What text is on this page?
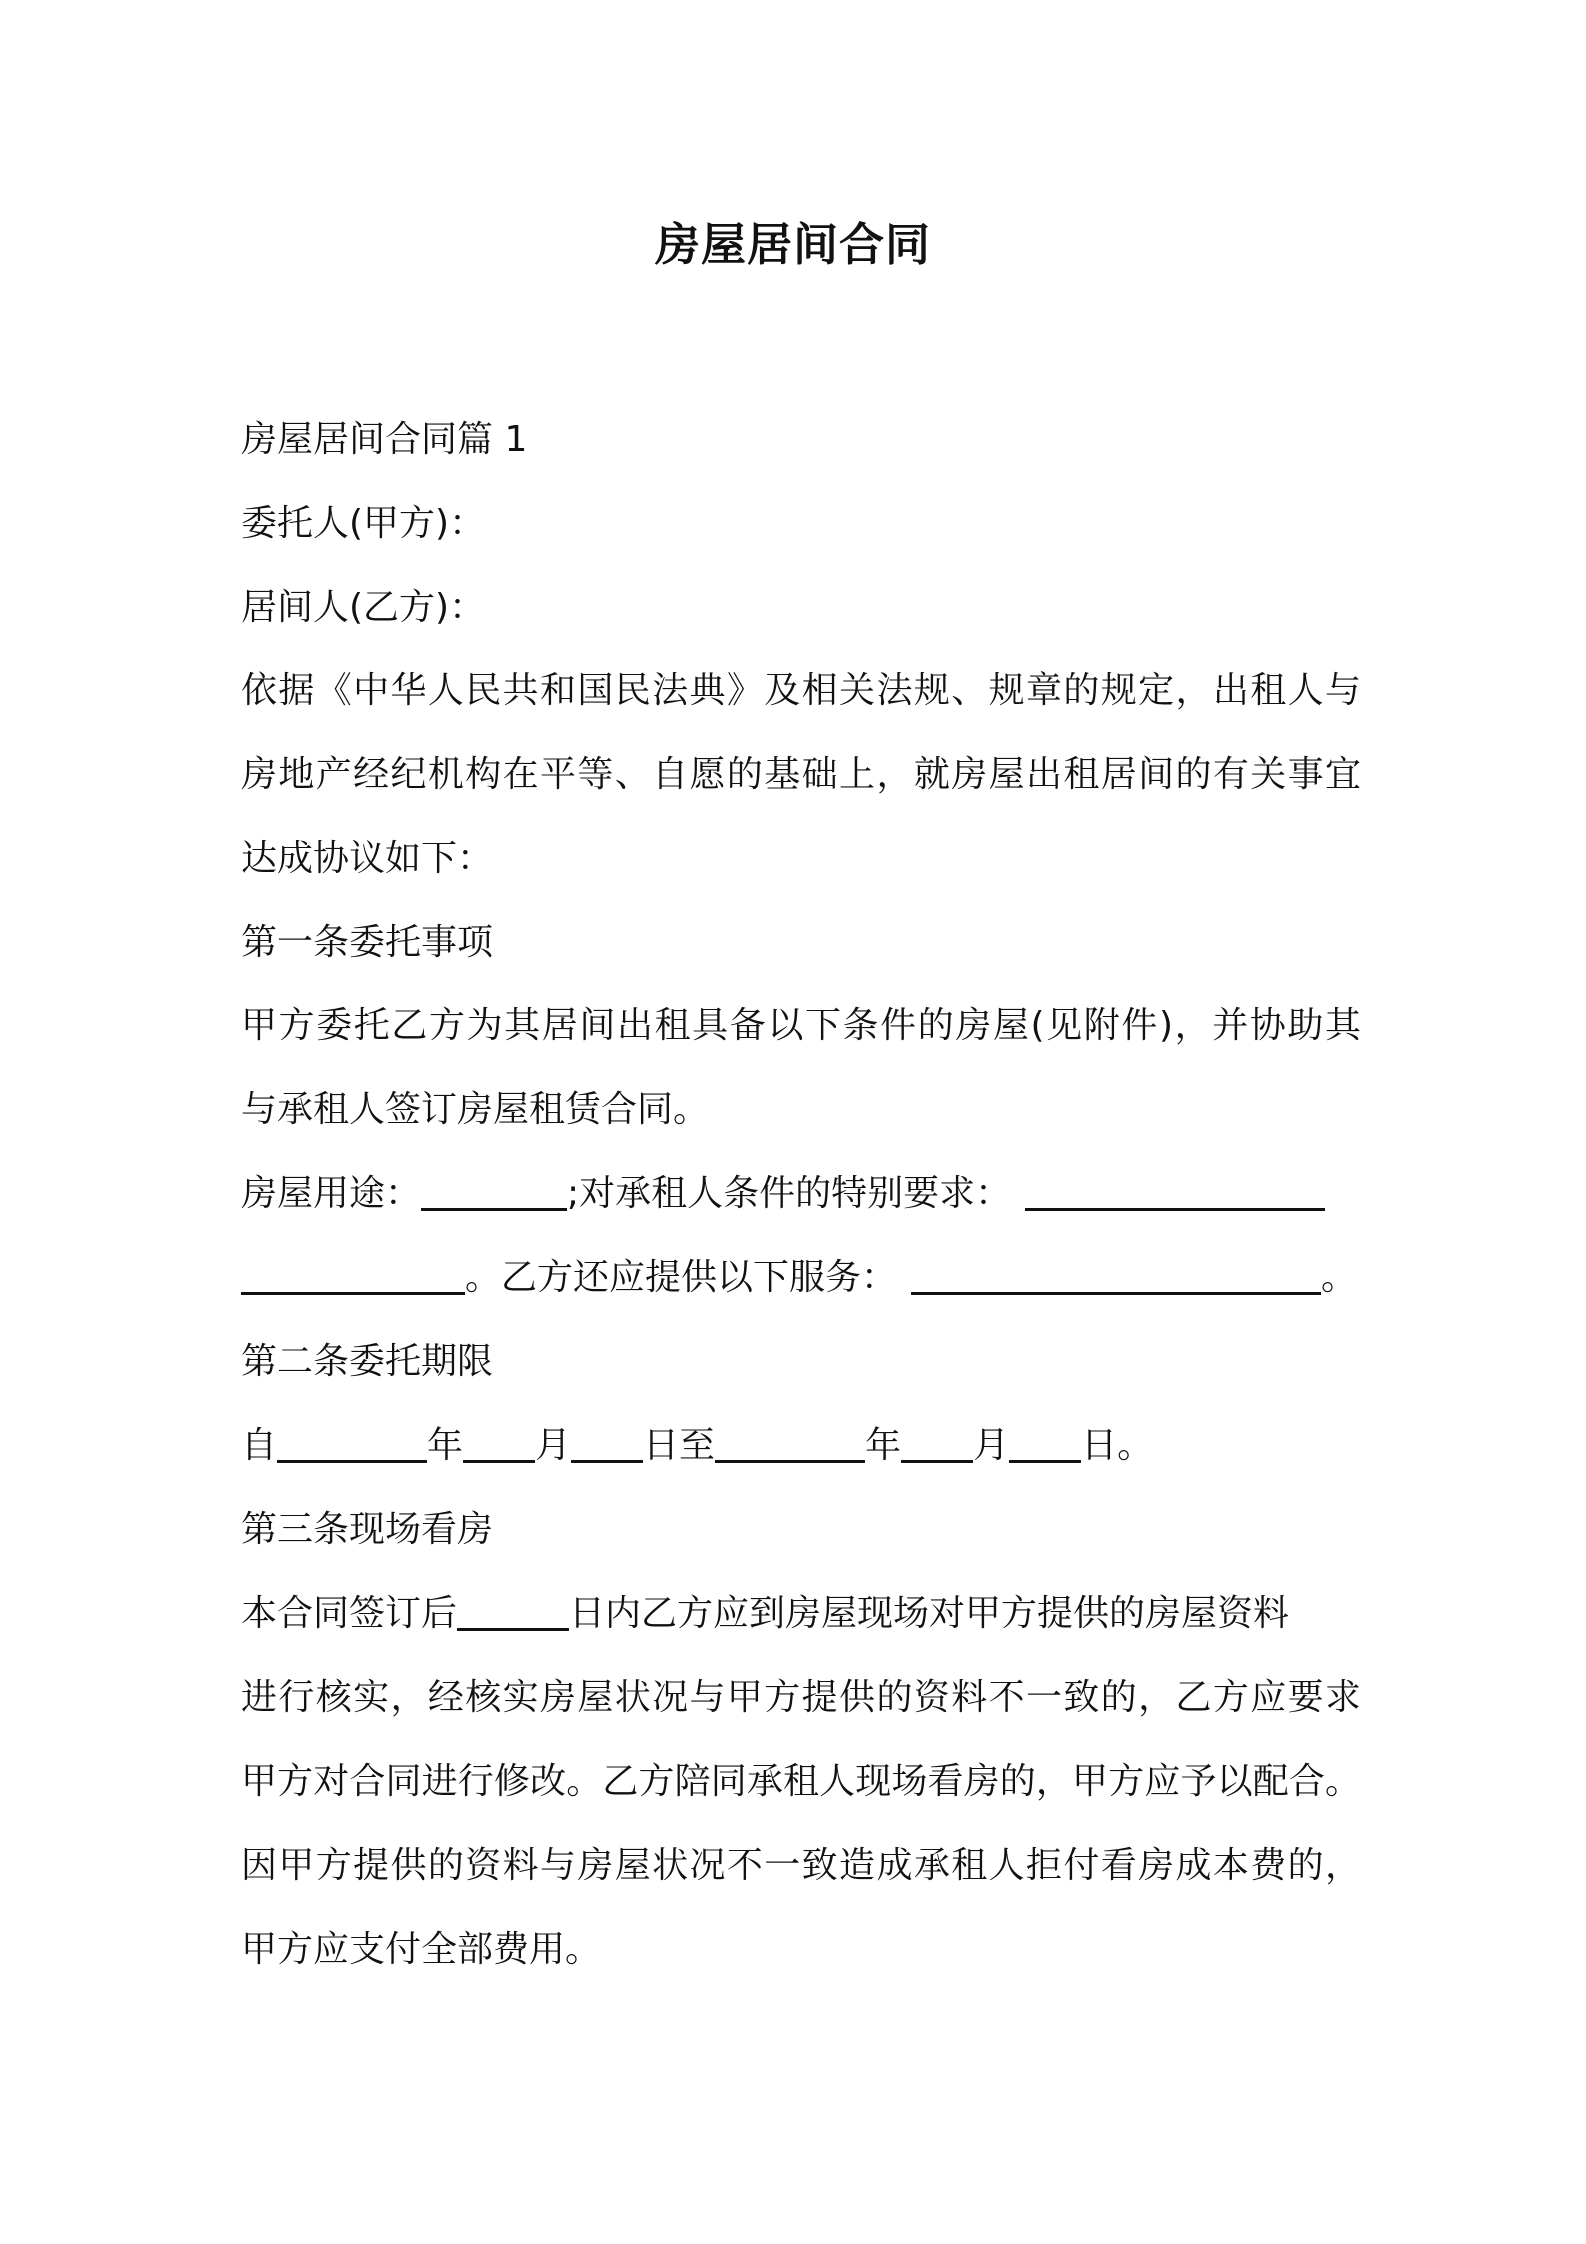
房屋居间合同
房屋居间合同篇 1
委托人(甲方)：
居间人(乙方)：
依据《中华人民共和国民法典》及相关法规、规章的规定，出租人与
房地产经纪机构在平等、自愿的基础上，就房屋出租居间的有关事宜
达成协议如下：
第一条委托事项
甲方委托乙方为其居间出租具备以下条件的房屋(见附件)，并协助其
与承租人签订房屋租赁合同。
房屋用途：	;对承租人条件的特别要求：
。乙方还应提供以下服务：	。
第二条委托期限
自	年 月 日至	年 月 日。
第三条现场看房
本合同签订后	日内乙方应到房屋现场对甲方提供的房屋资料
进行核实，经核实房屋状况与甲方提供的资料不一致的，乙方应要求
甲方对合同进行修改。乙方陪同承租人现场看房的，甲方应予以配合。
因甲方提供的资料与房屋状况不一致造成承租人拒付看房成本费的，
甲方应支付全部费用。
